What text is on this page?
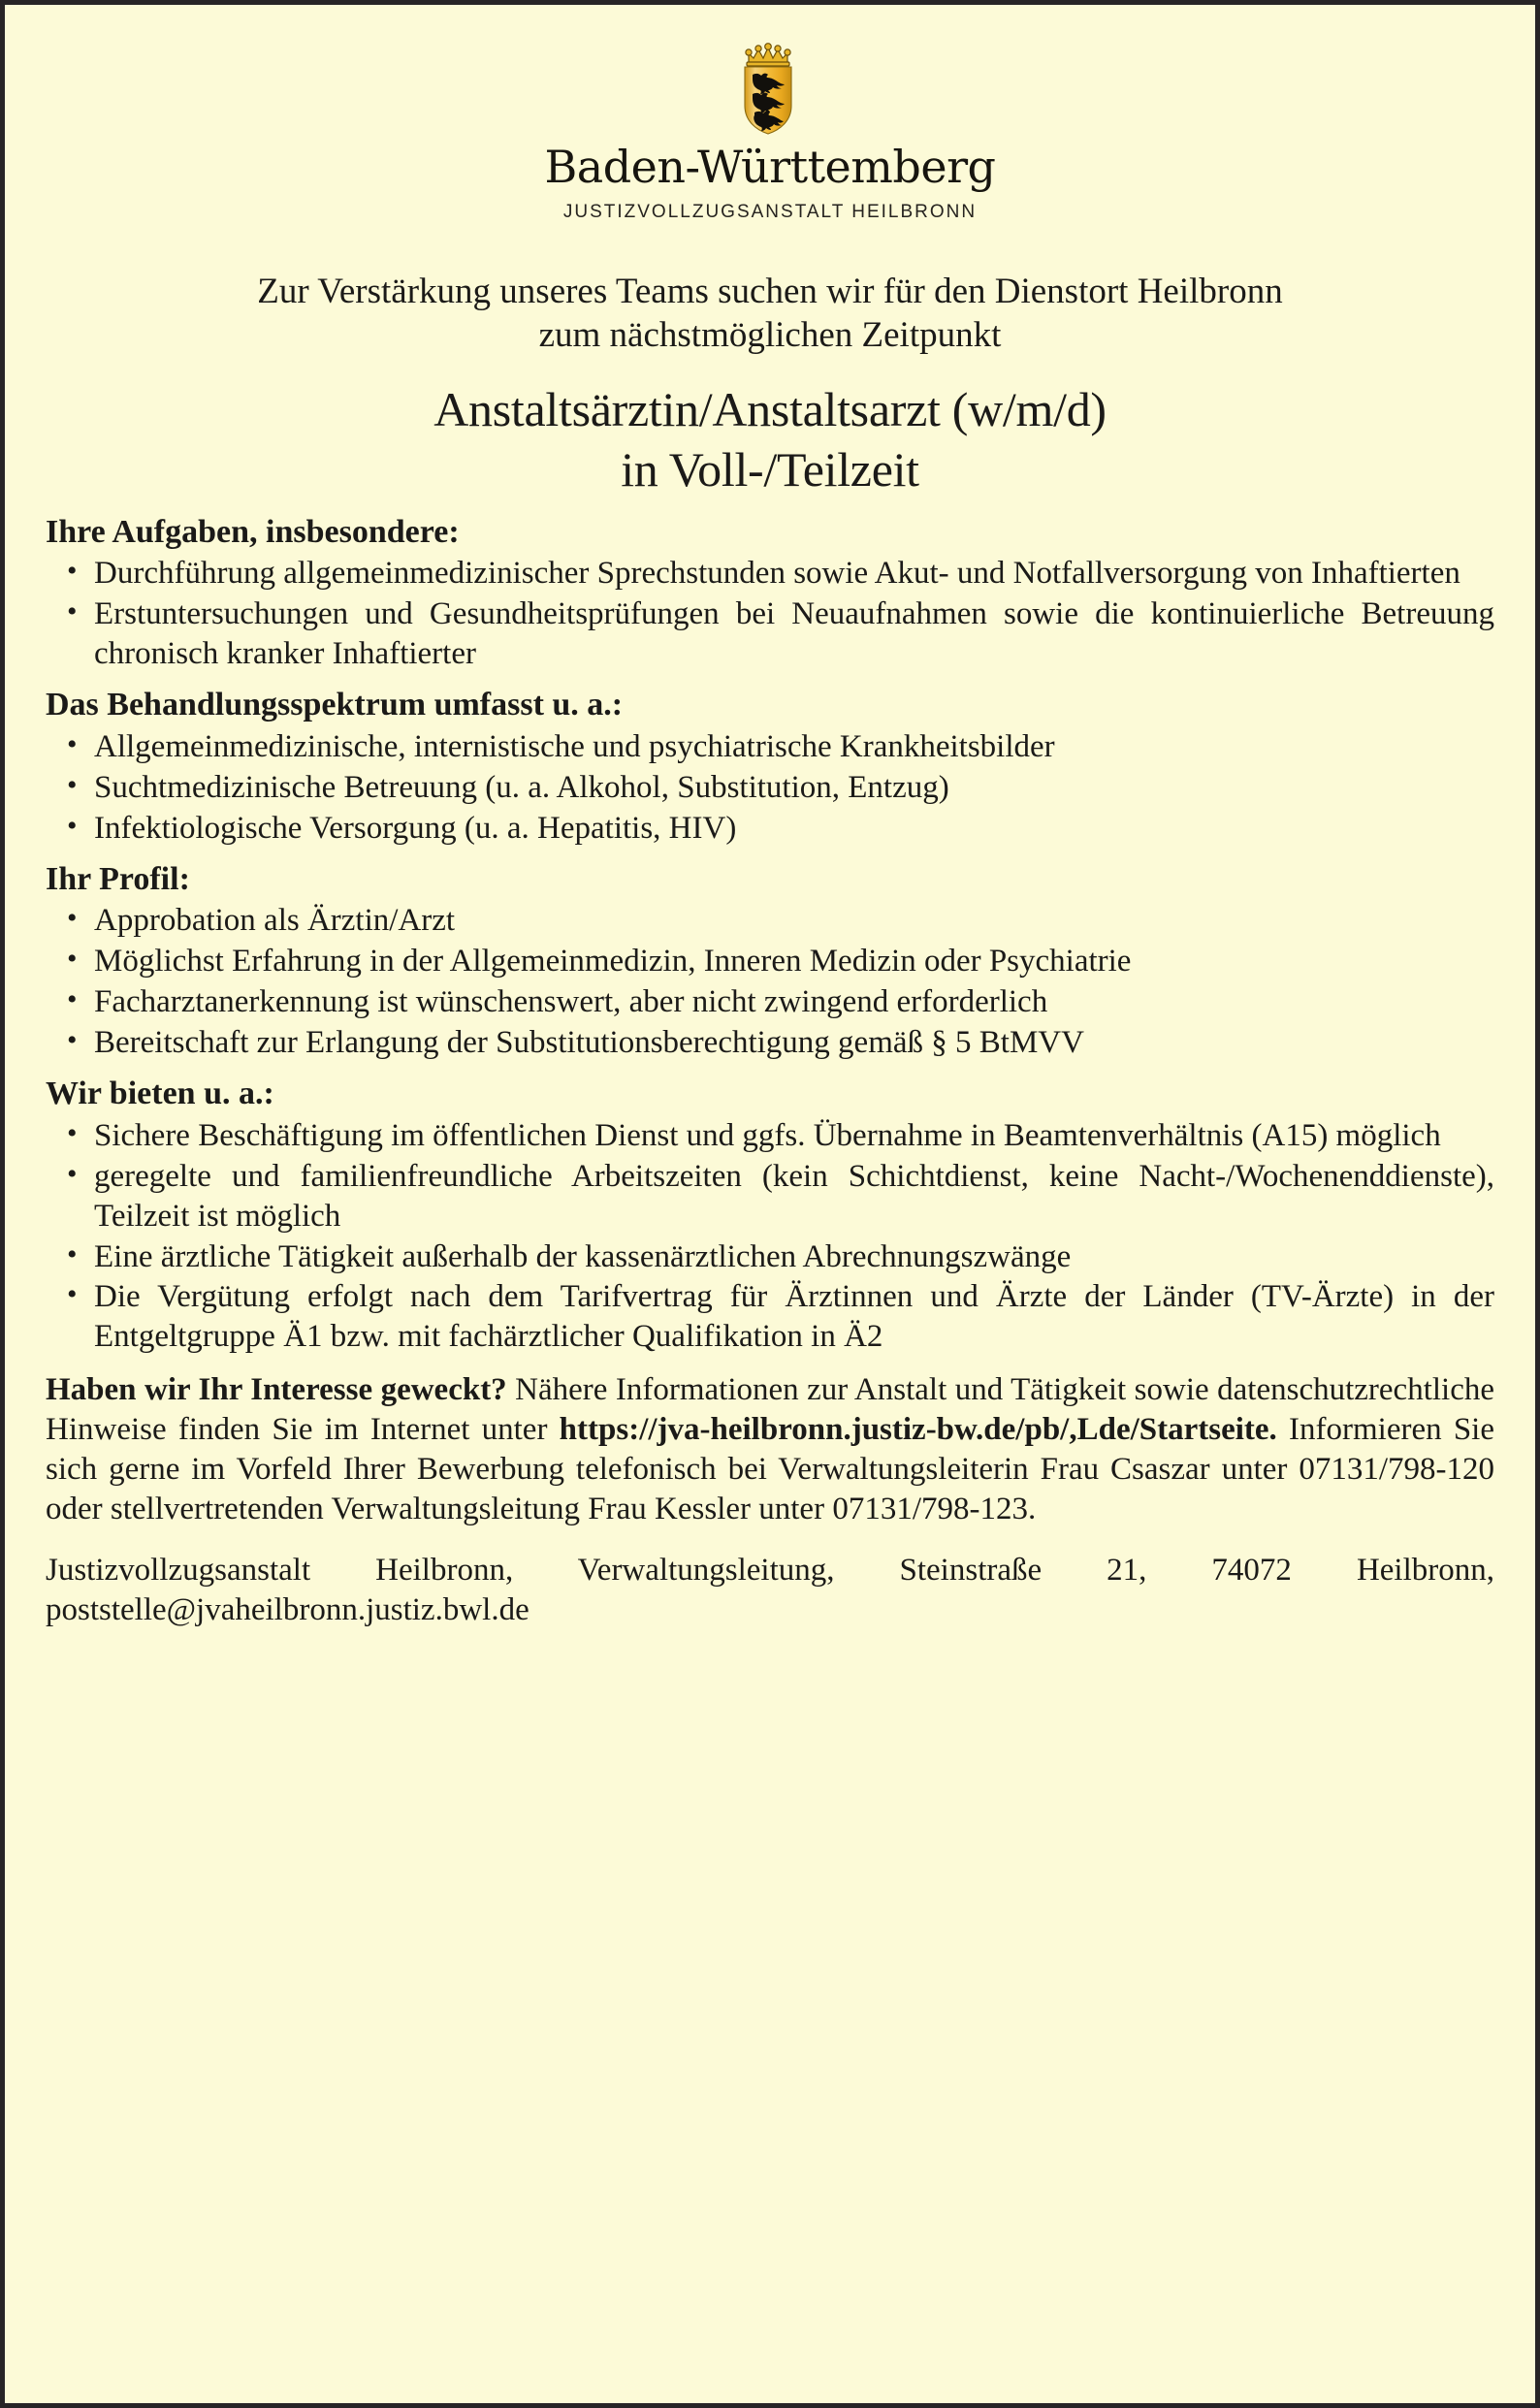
Baden-Württemberg
JUSTIZVOLLZUGSANSTALT HEILBRONN
Zur Verstärkung unseres Teams suchen wir für den Dienstort Heilbronn
zum nächstmöglichen Zeitpunkt
Anstaltsärztin/Anstaltsarzt (w/m/d)
in Voll-/Teilzeit
Ihre Aufgaben, insbesondere:
• Durchführung allgemeinmedizinischer Sprechstunden sowie Akut- und Notfallversorgung von Inhaftierten
• Erstuntersuchungen und Gesundheitsprüfungen bei Neuaufnahmen sowie die kontinuierliche Betreuung chronisch kranker Inhaftierter
Das Behandlungsspektrum umfasst u. a.:
• Allgemeinmedizinische, internistische und psychiatrische Krankheitsbilder
• Suchtmedizinische Betreuung (u. a. Alkohol, Substitution, Entzug)
• Infektiologische Versorgung (u. a. Hepatitis, HIV)
Ihr Profil:
• Approbation als Ärztin/Arzt
• Möglichst Erfahrung in der Allgemeinmedizin, Inneren Medizin oder Psychiatrie
• Facharztanerkennung ist wünschenswert, aber nicht zwingend erforderlich
• Bereitschaft zur Erlangung der Substitutionsberechtigung gemäß § 5 BtMVV
Wir bieten u. a.:
• Sichere Beschäftigung im öffentlichen Dienst und ggfs. Übernahme in Beamtenverhältnis (A15) möglich
• geregelte und familienfreundliche Arbeitszeiten (kein Schichtdienst, keine Nacht-/Wochenenddienste), Teilzeit ist möglich
• Eine ärztliche Tätigkeit außerhalb der kassenärztlichen Abrechnungszwänge
• Die Vergütung erfolgt nach dem Tarifvertrag für Ärztinnen und Ärzte der Länder (TV-Ärzte) in der Entgeltgruppe Ä1 bzw. mit fachärztlicher Qualifikation in Ä2

Haben wir Ihr Interesse geweckt? Nähere Informationen zur Anstalt und Tätigkeit sowie datenschutzrechtliche Hinweise finden Sie im Internet unter https://jva-heilbronn.justiz-bw.de/pb/,Lde/Startseite. Informieren Sie sich gerne im Vorfeld Ihrer Bewerbung telefonisch bei Verwaltungsleiterin Frau Csaszar unter 07131/798-120 oder stellvertretenden Verwaltungsleitung Frau Kessler unter 07131/798-123.

Justizvollzugsanstalt Heilbronn, Verwaltungsleitung, Steinstraße 21, 74072 Heilbronn, poststelle@jvaheilbronn.justiz.bwl.de
